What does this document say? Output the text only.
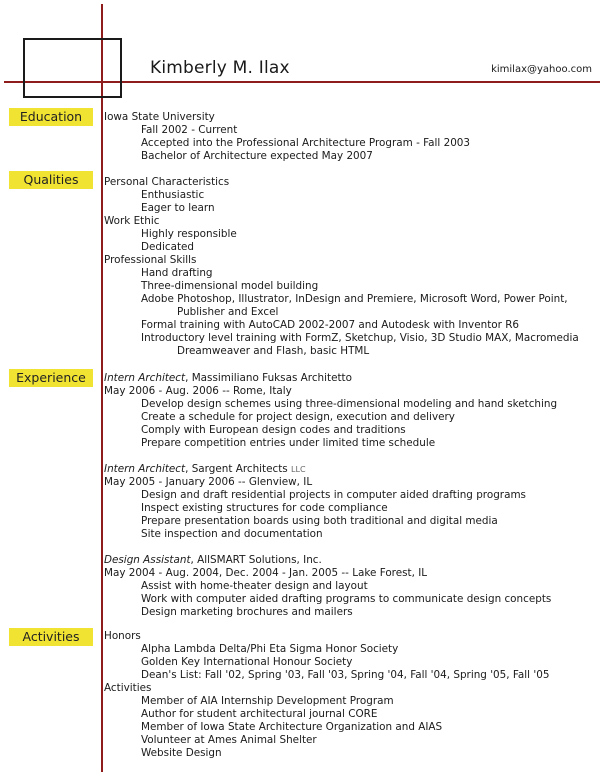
Kimberly M. Ilax	kimilax@yahoo.com
Education	Iowa State University
Fall 2002 - Current
Accepted into the Professional Architecture Program - Fall 2003
Bachelor of Architecture expected May 2007
Qualities	Personal Characteristics
Enthusiastic
Eager to learn
Work Ethic
Highly responsible
Dedicated
Professional Skills
Hand drafting
Three-dimensional model building
Adobe Photoshop, Illustrator, InDesign and Premiere, Microsoft Word, Power Point,
Publisher and Excel
Formal training with AutoCAD 2002-2007 and Autodesk with Inventor R6
Introductory level training with FormZ, Sketchup, Visio, 3D Studio MAX, Macromedia
Dreamweaver and Flash, basic HTML
Experience	Intern Architect, Massimiliano Fuksas Architetto
May 2006 - Aug. 2006 -- Rome, Italy
Develop design schemes using three-dimensional modeling and hand sketching
Create a schedule for project design, execution and delivery
Comply with European design codes and traditions
Prepare competition entries under limited time schedule
Intern Architect, Sargent Architects LLC
May 2005 - January 2006 -- Glenview, IL
Design and draft residential projects in computer aided drafting programs
Inspect existing structures for code compliance
Prepare presentation boards using both traditional and digital media
Site inspection and documentation
Design Assistant, AllSMART Solutions, Inc.
May 2004 - Aug. 2004, Dec. 2004 - Jan. 2005 -- Lake Forest, IL
Assist with home-theater design and layout
Work with computer aided drafting programs to communicate design concepts
Design marketing brochures and mailers
Activities	Honors
Alpha Lambda Delta/Phi Eta Sigma Honor Society
Golden Key International Honour Society
Dean's List: Fall '02, Spring '03, Fall '03, Spring '04, Fall '04, Spring '05, Fall '05
Activities
Member of AIA Internship Development Program
Author for student architectural journal CORE
Member of Iowa State Architecture Organization and AIAS
Volunteer at Ames Animal Shelter
Website Design
